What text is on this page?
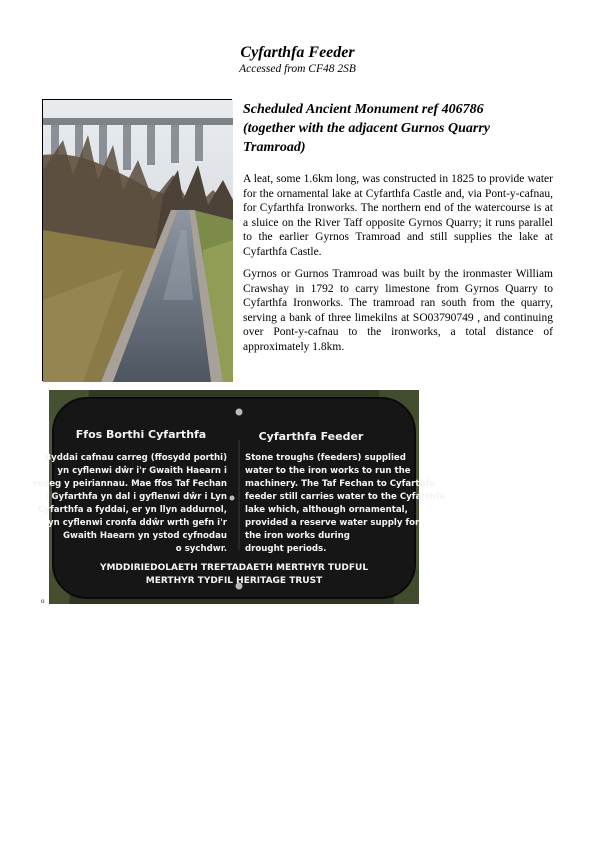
Cyfarthfa Feeder
Accessed from CF48 2SB
Scheduled Ancient Monument ref 406786
(together with the adjacent Gurnos Quarry
Tramroad)

A leat, some 1.6km long, was constructed in 1825 to provide water for the ornamental lake at Cyfarthfa Castle and, via Pont-y-cafnau, for Cyfarthfa Ironworks. The northern end of the watercourse is at a sluice on the River Taff opposite Gyrnos Quarry; it runs parallel to the earlier Gyrnos Tramroad and still supplies the lake at Cyfarthfa Castle.

Gyrnos or Gurnos Tramroad was built by the ironmaster William Crawshay in 1792 to carry limestone from Gyrnos Quarry to Cyfarthfa Ironworks. The tramroad ran south from the quarry, serving a bank of three limekilns at SO03790749 , and continuing over Pont-y-cafnau to the ironworks, a total distance of approximately 1.8km.

Ffos Borthi Cyfarthfa	Cyfarthfa Feeder
Byddai cafnau carreg (ffosydd porthi)
yn cyflenwi dŵr i'r Gwaith Haearn i
redeg y peiriannau. Mae ffos Taf Fechan
i Gyfarthfa yn dal i gyflenwi dŵr i Lyn
Cyfarthfa a fyddai, er yn llyn addurnol,
yn cyflenwi cronfa ddŵr wrth gefn i'r
Gwaith Haearn yn ystod cyfnodau
o sychdwr.
Stone troughs (feeders) supplied
water to the iron works to run the
machinery. The Taf Fechan to Cyfarthfa
feeder still carries water to the Cyfarthfa
lake which, although ornamental,
provided a reserve water supply for
the iron works during
drought periods.
YMDDIRIEDOLAETH TREFTADAETH MERTHYR TUDFUL
MERTHYR TYDFIL HERITAGE TRUST
o
